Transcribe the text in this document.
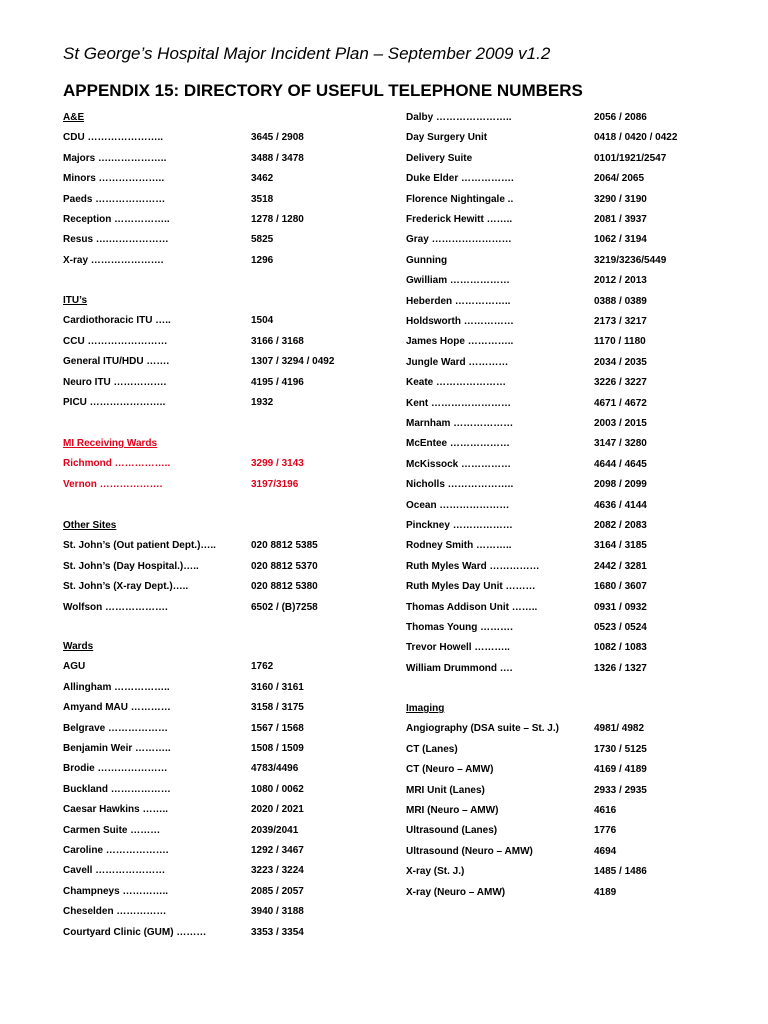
St George’s Hospital Major Incident Plan – September 2009 v1.2
APPENDIX 15: DIRECTORY OF USEFUL TELEPHONE NUMBERS
A&E
CDU …………………..	3645 / 2908
Majors ….……………..	3488 / 3478
Minors ………………..	3462
Paeds …………………	3518
Reception ……………..	1278 / 1280
Resus ….………………	5825
X-ray ………………….	1296
ITU’s
Cardiothoracic ITU …..	1504
CCU ……………………	3166 / 3168
General ITU/HDU …….	1307 / 3294 / 0492
Neuro ITU …………….	4195 / 4196
PICU …………………..	1932
MI Receiving Wards
Richmond ……………..	3299 / 3143
Vernon ……………….	3197/3196
Other Sites
St. John’s (Out patient Dept.)…..	020 8812 5385
St. John’s (Day Hospital.)…..	020 8812 5370
St. John’s (X-ray Dept.)…..	020 8812 5380
Wolfson ……………….	6502 / (B)7258
Wards
AGU	1762
Allingham ……………..	3160 / 3161
Amyand MAU …………	3158 / 3175
Belgrave ………………	1567 / 1568
Benjamin Weir ………..	1508 / 1509
Brodie …………………	4783/4496
Buckland ………………	1080 / 0062
Caesar Hawkins ……..	2020 / 2021
Carmen Suite ………	2039/2041
Caroline ……………….	1292 / 3467
Cavell …………………	3223 / 3224
Champneys …………..	2085 / 2057
Cheselden ……………	3940 / 3188
Courtyard Clinic (GUM) ………	3353 / 3354
Dalby …………………..	2056 / 2086
Day Surgery Unit	0418 / 0420 / 0422
Delivery Suite	0101/1921/2547
Duke Elder …………….	2064/ 2065
Florence Nightingale ..	3290 / 3190
Frederick Hewitt ……..	2081 / 3937
Gray ……………………	1062 / 3194
Gunning	3219/3236/5449
Gwilliam ………………	2012 / 2013
Heberden ……………..	0388 / 0389
Holdsworth ……………	2173 / 3217
James Hope …………..	1170 / 1180
Jungle Ward …………	2034 / 2035
Keate …………………	3226 / 3227
Kent ……………………	4671 / 4672
Marnham ………………	2003 / 2015
McEntee ………………	3147 / 3280
McKissock ……………	4644 / 4645
Nicholls ………………..	2098 / 2099
Ocean …………………	4636 / 4144
Pinckney ………………	2082 / 2083
Rodney Smith ………..	3164 / 3185
Ruth Myles Ward ……………	2442 / 3281
Ruth Myles Day Unit ………	1680 / 3607
Thomas Addison Unit ……..	0931 / 0932
Thomas Young ……….	0523 / 0524
Trevor Howell ………..	1082 / 1083
William Drummond ….	1326 / 1327
Imaging
Angiography (DSA suite – St. J.)	4981/ 4982
CT (Lanes)	1730 / 5125
CT (Neuro – AMW)	4169 / 4189
MRI Unit (Lanes)	2933 / 2935
MRI (Neuro – AMW)	4616
Ultrasound (Lanes)	1776
Ultrasound (Neuro – AMW)	4694
X-ray (St. J.)	1485 / 1486
X-ray (Neuro – AMW)	4189
